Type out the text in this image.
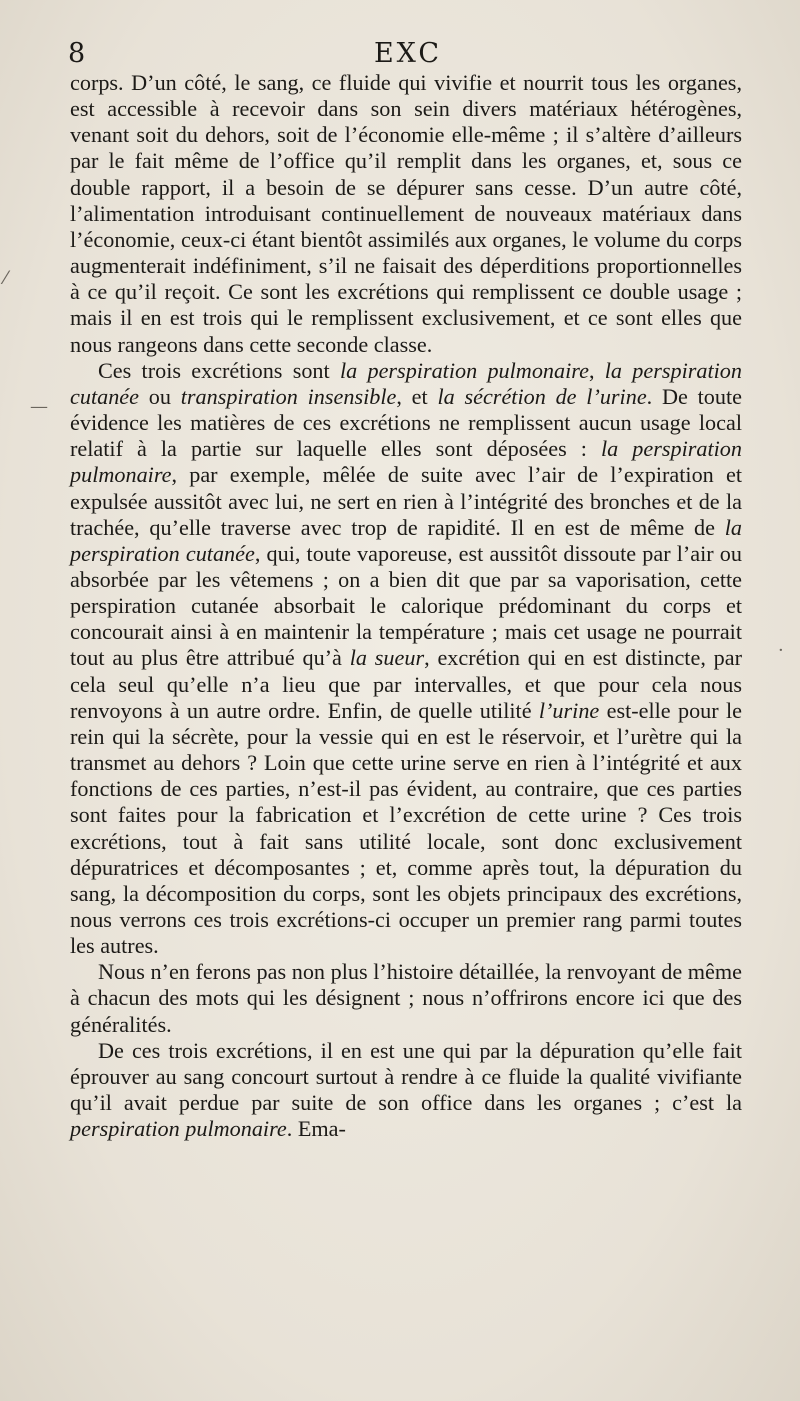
8	EXC
⁄
—
·

corps. D’un côté, le sang, ce fluide qui vivifie et nourrit tous les organes, est accessible à recevoir dans son sein divers matériaux hétérogènes, venant soit du dehors, soit de l’économie elle-même ; il s’altère d’ailleurs par le fait même de l’office qu’il remplit dans les organes, et, sous ce double rapport, il a besoin de se dépurer sans cesse. D’un autre côté, l’alimentation introduisant continuellement de nouveaux matériaux dans l’économie, ceux-ci étant bientôt assimilés aux organes, le volume du corps augmenterait indéfiniment, s’il ne faisait des déperditions proportionnelles à ce qu’il reçoit. Ce sont les excrétions qui remplissent ce double usage ; mais il en est trois qui le remplissent exclusivement, et ce sont elles que nous rangeons dans cette seconde classe.

Ces trois excrétions sont la perspiration pulmonaire, la perspiration cutanée ou transpiration insensible, et la sécrétion de l’urine. De toute évidence les matières de ces excrétions ne remplissent aucun usage local relatif à la partie sur laquelle elles sont déposées : la perspiration pulmonaire, par exemple, mêlée de suite avec l’air de l’expiration et expulsée aussitôt avec lui, ne sert en rien à l’intégrité des bronches et de la trachée, qu’elle traverse avec trop de rapidité. Il en est de même de la perspiration cutanée, qui, toute vaporeuse, est aussitôt dissoute par l’air ou absorbée par les vêtemens ; on a bien dit que par sa vaporisation, cette perspiration cutanée absorbait le calorique prédominant du corps et concourait ainsi à en maintenir la température ; mais cet usage ne pourrait tout au plus être attribué qu’à la sueur, excrétion qui en est distincte, par cela seul qu’elle n’a lieu que par intervalles, et que pour cela nous renvoyons à un autre ordre. Enfin, de quelle utilité l’urine est-elle pour le rein qui la sécrète, pour la vessie qui en est le réservoir, et l’urètre qui la transmet au dehors ? Loin que cette urine serve en rien à l’intégrité et aux fonctions de ces parties, n’est-il pas évident, au contraire, que ces parties sont faites pour la fabrication et l’excrétion de cette urine ? Ces trois excrétions, tout à fait sans utilité locale, sont donc exclusivement dépuratrices et décomposantes ; et, comme après tout, la dépuration du sang, la décomposition du corps, sont les objets principaux des excrétions, nous verrons ces trois excrétions-ci occuper un premier rang parmi toutes les autres.

Nous n’en ferons pas non plus l’histoire détaillée, la renvoyant de même à chacun des mots qui les désignent ; nous n’offrirons encore ici que des généralités.

De ces trois excrétions, il en est une qui par la dépuration qu’elle fait éprouver au sang concourt surtout à rendre à ce fluide la qualité vivifiante qu’il avait perdue par suite de son office dans les organes ; c’est la perspiration pulmonaire. Ema-
